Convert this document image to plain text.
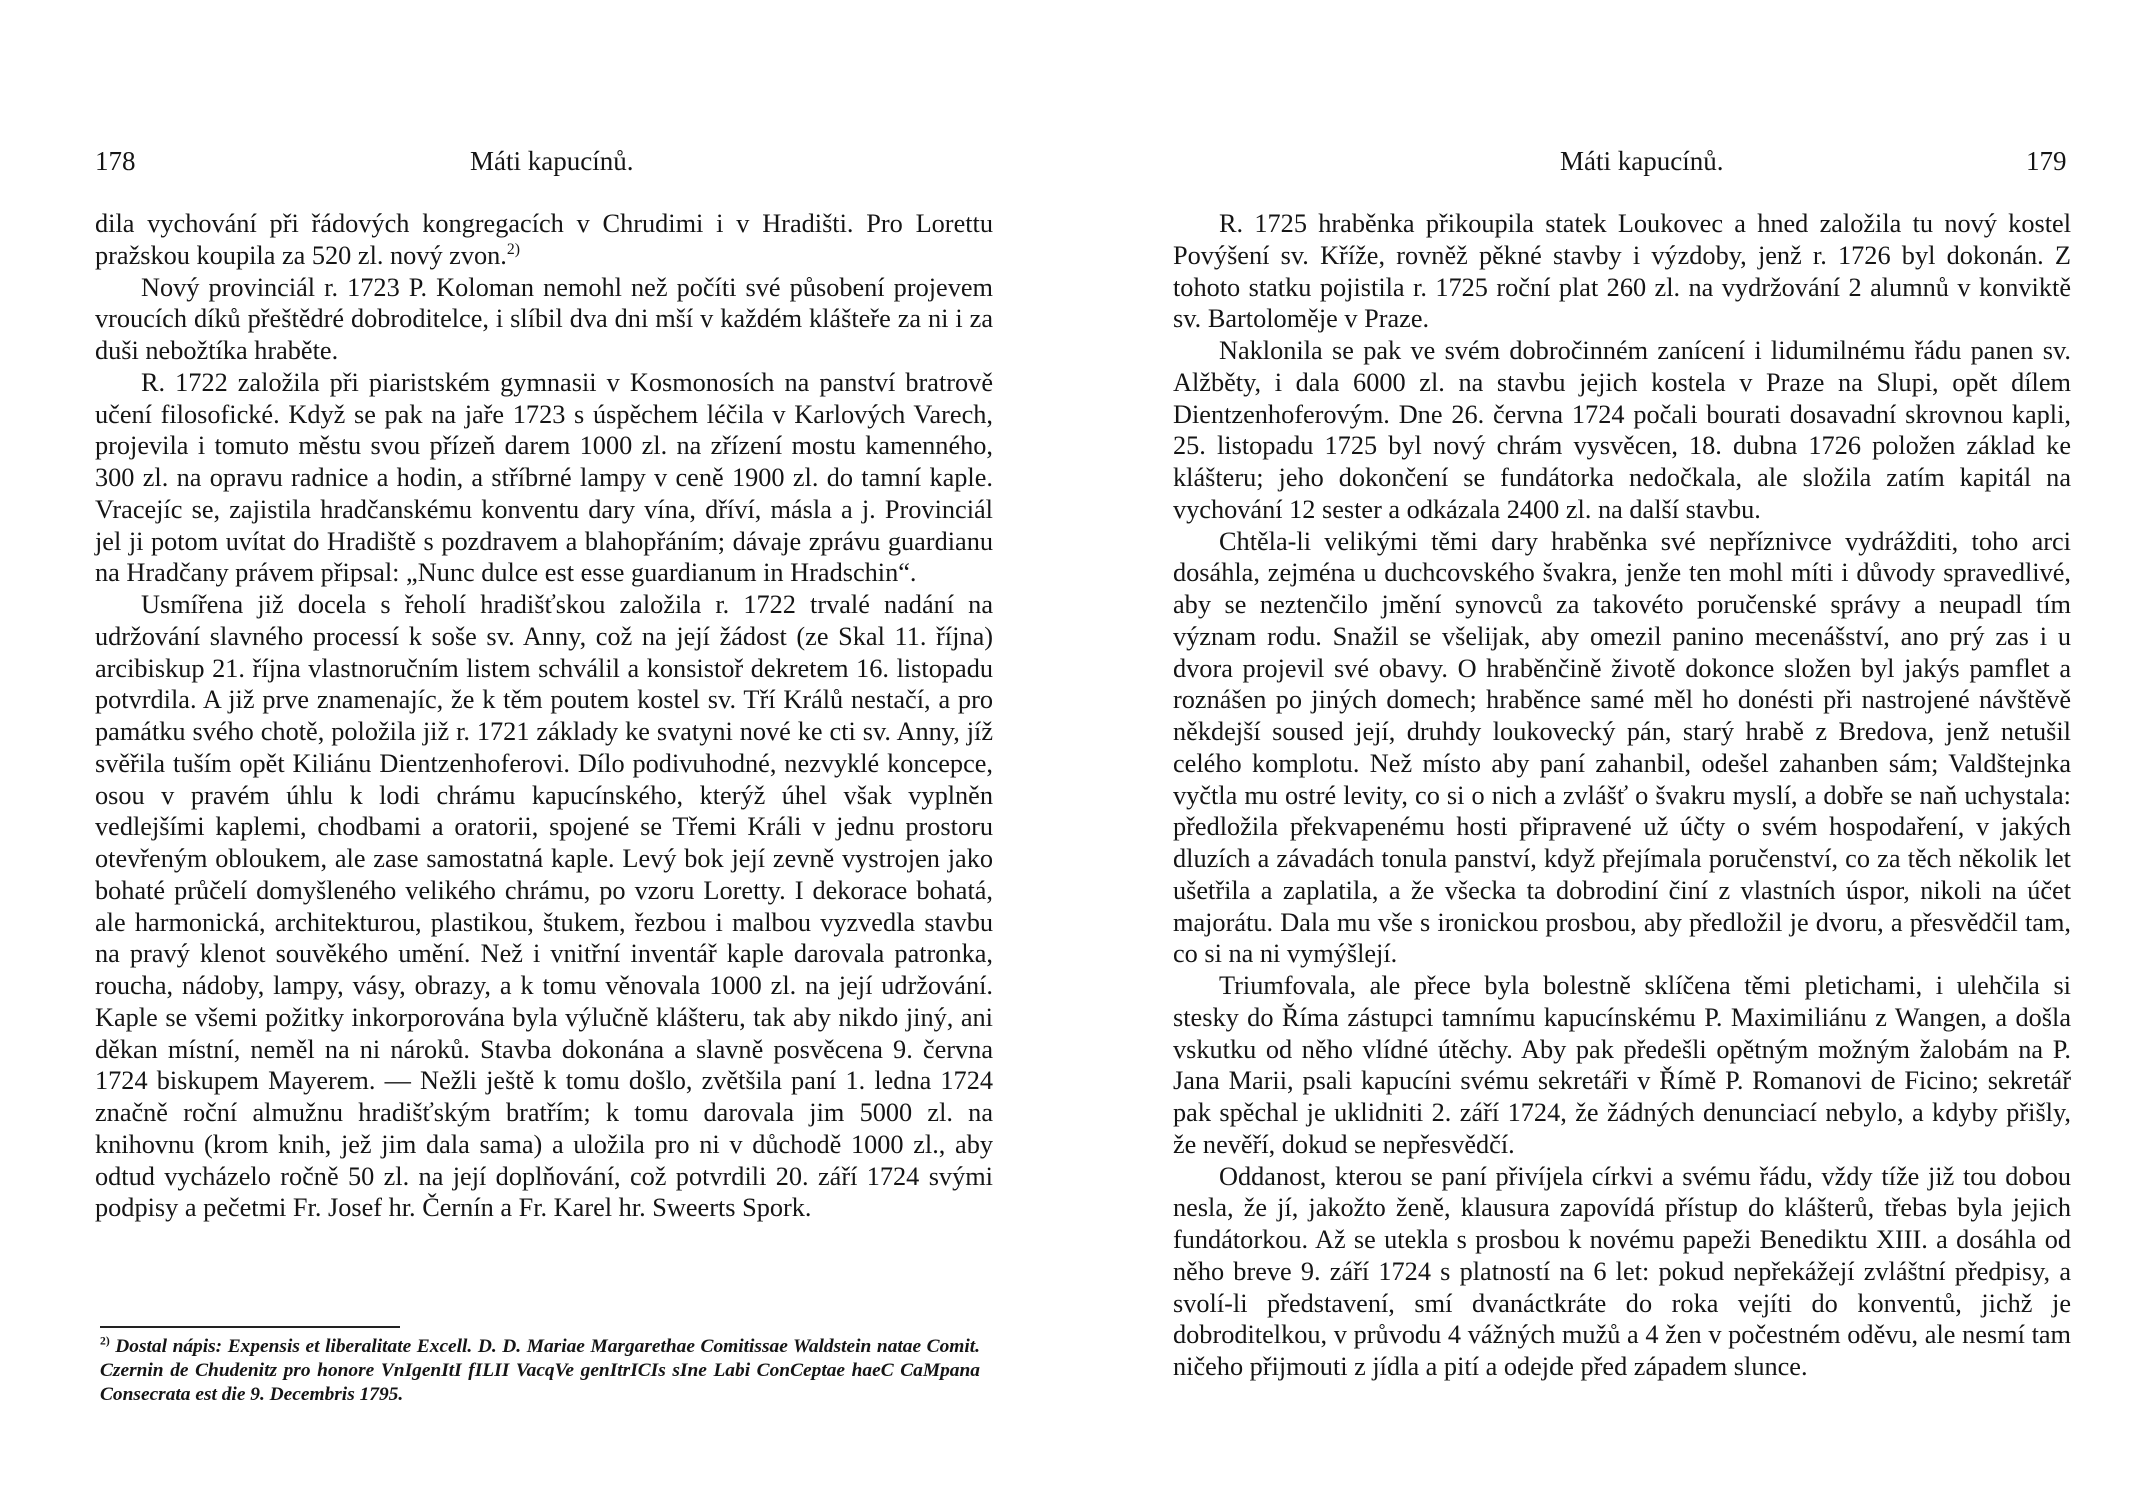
178	Máti kapucínů.

dila vychování při řádových kongregacích v Chrudimi i v Hradišti. Pro Lorettu pražskou koupila za 520 zl. nový zvon.$^{2)}$

Nový provinciál r. 1723 P. Koloman nemohl než počíti své působení projevem vroucích díků přeštědré dobroditelce, i slíbil dva dni mší v každém klášteře za ni i za duši nebožtíka hraběte.

R. 1722 založila při piaristském gymnasii v Kosmonosích na panství bratrově učení filosofické. Když se pak na jaře 1723 s úspěchem léčila v Karlových Varech, projevila i tomuto městu svou přízeň darem 1000 zl. na zřízení mostu kamenného, 300 zl. na opravu radnice a hodin, a stříbrné lampy v ceně 1900 zl. do tamní kaple. Vracejíc se, zajistila hradčanskému konventu dary vína, dříví, másla a j. Provinciál jel ji potom uvítat do Hradiště s pozdravem a blahopřáním; dávaje zprávu guardianu na Hradčany právem připsal: „Nunc dulce est esse guardianum in Hradschin“.

Usmířena již docela s řeholí hradišťskou založila r. 1722 trvalé nadání na udržování slavného processí k soše sv. Anny, což na její žádost (ze Skal 11. října) arcibiskup 21. října vlastnoručním listem schválil a konsistoř dekretem 16. listopadu potvrdila. A již prve znamenajíc, že k těm poutem kostel sv. Tří Králů nestačí, a pro památku svého chotě, položila již r. 1721 základy ke svatyni nové ke cti sv. Anny, jíž svěřila tuším opět Kiliánu Dientzenhoferovi. Dílo podivuhodné, nezvyklé koncepce, osou v pravém úhlu k lodi chrámu kapucínského, kterýž úhel však vyplněn vedlejšími kaplemi, chodbami a oratorii, spojené se Třemi Králi v jednu prostoru otevřeným obloukem, ale zase samostatná kaple. Levý bok její zevně vystrojen jako bohaté průčelí domyšleného velikého chrámu, po vzoru Loretty. I dekorace bohatá, ale harmonická, architekturou, plastikou, štukem, řezbou i malbou vyzvedla stavbu na pravý klenot souvěkého umění. Než i vnitřní inventář kaple darovala patronka, roucha, nádoby, lampy, vásy, obrazy, a k tomu věnovala 1000 zl. na její udržování. Kaple se všemi požitky inkorporována byla výlučně klášteru, tak aby nikdo jiný, ani děkan místní, neměl na ni nároků. Stavba dokonána a slavně posvěcena 9. června 1724 biskupem Mayerem. — Nežli ještě k tomu došlo, zvětšila paní 1. ledna 1724 značně roční almužnu hradišťským bratřím; k tomu darovala jim 5000 zl. na knihovnu (krom knih, jež jim dala sama) a uložila pro ni v důchodě 1000 zl., aby odtud vycházelo ročně 50 zl. na její doplňování, což potvrdili 20. září 1724 svými podpisy a pečetmi Fr. Josef hr. Černín a Fr. Karel hr. Sweerts Spork.

$^{2)}$ Dostal nápis: Expensis et liberalitate Excell. D. D. Mariae Margarethae Comitissae Waldstein natae Comit. Czernin de Chudenitz pro honore VnIgenItI fILII VacqVe genItrICIs sIne Labi ConCeptae haeC CaMpana Consecrata est die 9. Decembris 1795.
Máti kapucínů.	179

R. 1725 hraběnka přikoupila statek Loukovec a hned založila tu nový kostel Povýšení sv. Kříže, rovněž pěkné stavby i výzdoby, jenž r. 1726 byl dokonán. Z tohoto statku pojistila r. 1725 roční plat 260 zl. na vydržování 2 alumnů v konviktě sv. Bartoloměje v Praze.

Naklonila se pak ve svém dobročinném zanícení i lidumilnému řádu panen sv. Alžběty, i dala 6000 zl. na stavbu jejich kostela v Praze na Slupi, opět dílem Dientzenhoferovým. Dne 26. června 1724 počali bourati dosavadní skrovnou kapli, 25. listopadu 1725 byl nový chrám vysvěcen, 18. dubna 1726 položen základ ke klášteru; jeho dokončení se fundátorka nedočkala, ale složila zatím kapitál na vychování 12 sester a odkázala 2400 zl. na další stavbu.

Chtěla-li velikými těmi dary hraběnka své nepříznivce vydrážditi, toho arci dosáhla, zejména u duchcovského švakra, jenže ten mohl míti i důvody spravedlivé, aby se neztenčilo jmění synovců za takovéto poručenské správy a neupadl tím význam rodu. Snažil se všelijak, aby omezil panino mecenášství, ano prý zas i u dvora projevil své obavy. O hraběnčině životě dokonce složen byl jakýs pamflet a roznášen po jiných domech; hraběnce samé měl ho donésti při nastrojené návštěvě někdejší soused její, druhdy loukovecký pán, starý hrabě z Bredova, jenž netušil celého komplotu. Než místo aby paní zahanbil, odešel zahanben sám; Valdštejnka vyčtla mu ostré levity, co si o nich a zvlášť o švakru myslí, a dobře se naň uchystala: předložila překvapenému hosti připravené už účty o svém hospodaření, v jakých dluzích a závadách tonula panství, když přejímala poručenství, co za těch několik let ušetřila a zaplatila, a že všecka ta dobrodiní činí z vlastních úspor, nikoli na účet majorátu. Dala mu vše s ironickou prosbou, aby předložil je dvoru, a přesvědčil tam, co si na ni vymýšlejí.

Triumfovala, ale přece byla bolestně sklíčena těmi pletichami, i ulehčila si stesky do Říma zástupci tamnímu kapucínskému P. Maximiliánu z Wangen, a došla vskutku od něho vlídné útěchy. Aby pak předešli opětným možným žalobám na P. Jana Marii, psali kapucíni svému sekretáři v Římě P. Romanovi de Ficino; sekretář pak spěchal je uklidniti 2. září 1724, že žádných denunciací nebylo, a kdyby přišly, že nevěří, dokud se nepřesvědčí.

Oddanost, kterou se paní přivíjela církvi a svému řádu, vždy tíže již tou dobou nesla, že jí, jakožto ženě, klausura zapovídá přístup do klášterů, třebas byla jejich fundátorkou. Až se utekla s prosbou k novému papeži Benediktu XIII. a dosáhla od něho breve 9. září 1724 s platností na 6 let: pokud nepřekážejí zvláštní předpisy, a svolí-li představení, smí dvanáctkráte do roka vejíti do konventů, jichž je dobroditelkou, v průvodu 4 vážných mužů a 4 žen v počestném oděvu, ale nesmí tam ničeho přijmouti z jídla a pití a odejde před západem slunce.
